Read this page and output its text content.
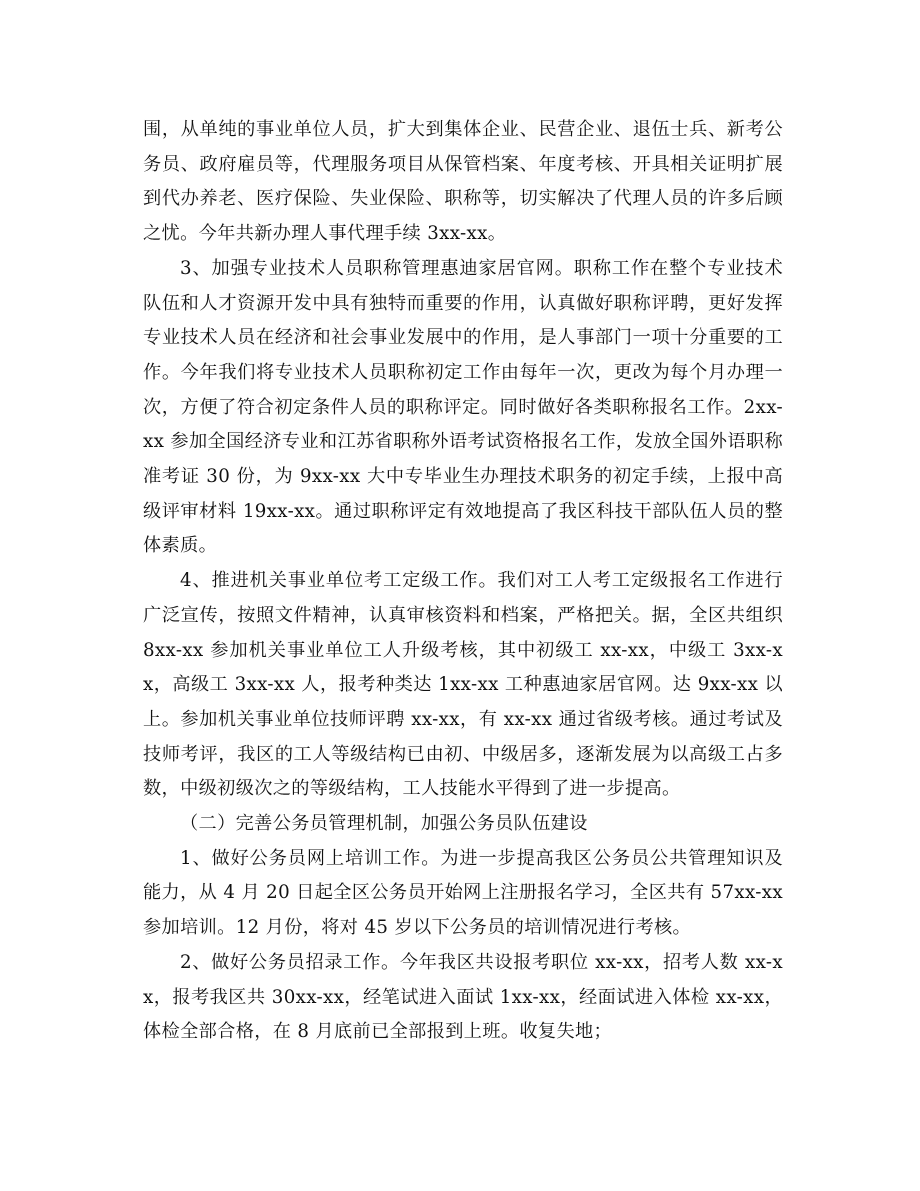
围，从单纯的事业单位人员，扩大到集体企业、民营企业、退伍士兵、新考公务员、政府雇员等，代理服务项目从保管档案、年度考核、开具相关证明扩展到代办养老、医疗保险、失业保险、职称等，切实解决了代理人员的许多后顾之忧。今年共新办理人事代理手续 3xx-xx。

3、加强专业技术人员职称管理惠迪家居官网。职称工作在整个专业技术队伍和人才资源开发中具有独特而重要的作用，认真做好职称评聘，更好发挥专业技术人员在经济和社会事业发展中的作用，是人事部门一项十分重要的工作。今年我们将专业技术人员职称初定工作由每年一次，更改为每个月办理一次，方便了符合初定条件人员的职称评定。同时做好各类职称报名工作。2xx-xx 参加全国经济专业和江苏省职称外语考试资格报名工作，发放全国外语职称准考证 30 份，为 9xx-xx 大中专毕业生办理技术职务的初定手续，上报中高级评审材料 19xx-xx。通过职称评定有效地提高了我区科技干部队伍人员的整体素质。

4、推进机关事业单位考工定级工作。我们对工人考工定级报名工作进行广泛宣传，按照文件精神，认真审核资料和档案，严格把关。据，全区共组织 8xx-xx 参加机关事业单位工人升级考核，其中初级工 xx-xx，中级工 3xx-xx，高级工 3xx-xx 人，报考种类达 1xx-xx 工种惠迪家居官网。达 9xx-xx 以上。参加机关事业单位技师评聘 xx-xx，有 xx-xx 通过省级考核。通过考试及技师考评，我区的工人等级结构已由初、中级居多，逐渐发展为以高级工占多数，中级初级次之的等级结构，工人技能水平得到了进一步提高。

（二）完善公务员管理机制，加强公务员队伍建设

1、做好公务员网上培训工作。为进一步提高我区公务员公共管理知识及能力，从 4 月 20 日起全区公务员开始网上注册报名学习，全区共有 57xx-xx 参加培训。12 月份，将对 45 岁以下公务员的培训情况进行考核。

2、做好公务员招录工作。今年我区共设报考职位 xx-xx，招考人数 xx-xx，报考我区共 30xx-xx，经笔试进入面试 1xx-xx，经面试进入体检 xx-xx，体检全部合格，在 8 月底前已全部报到上班。收复失地；
